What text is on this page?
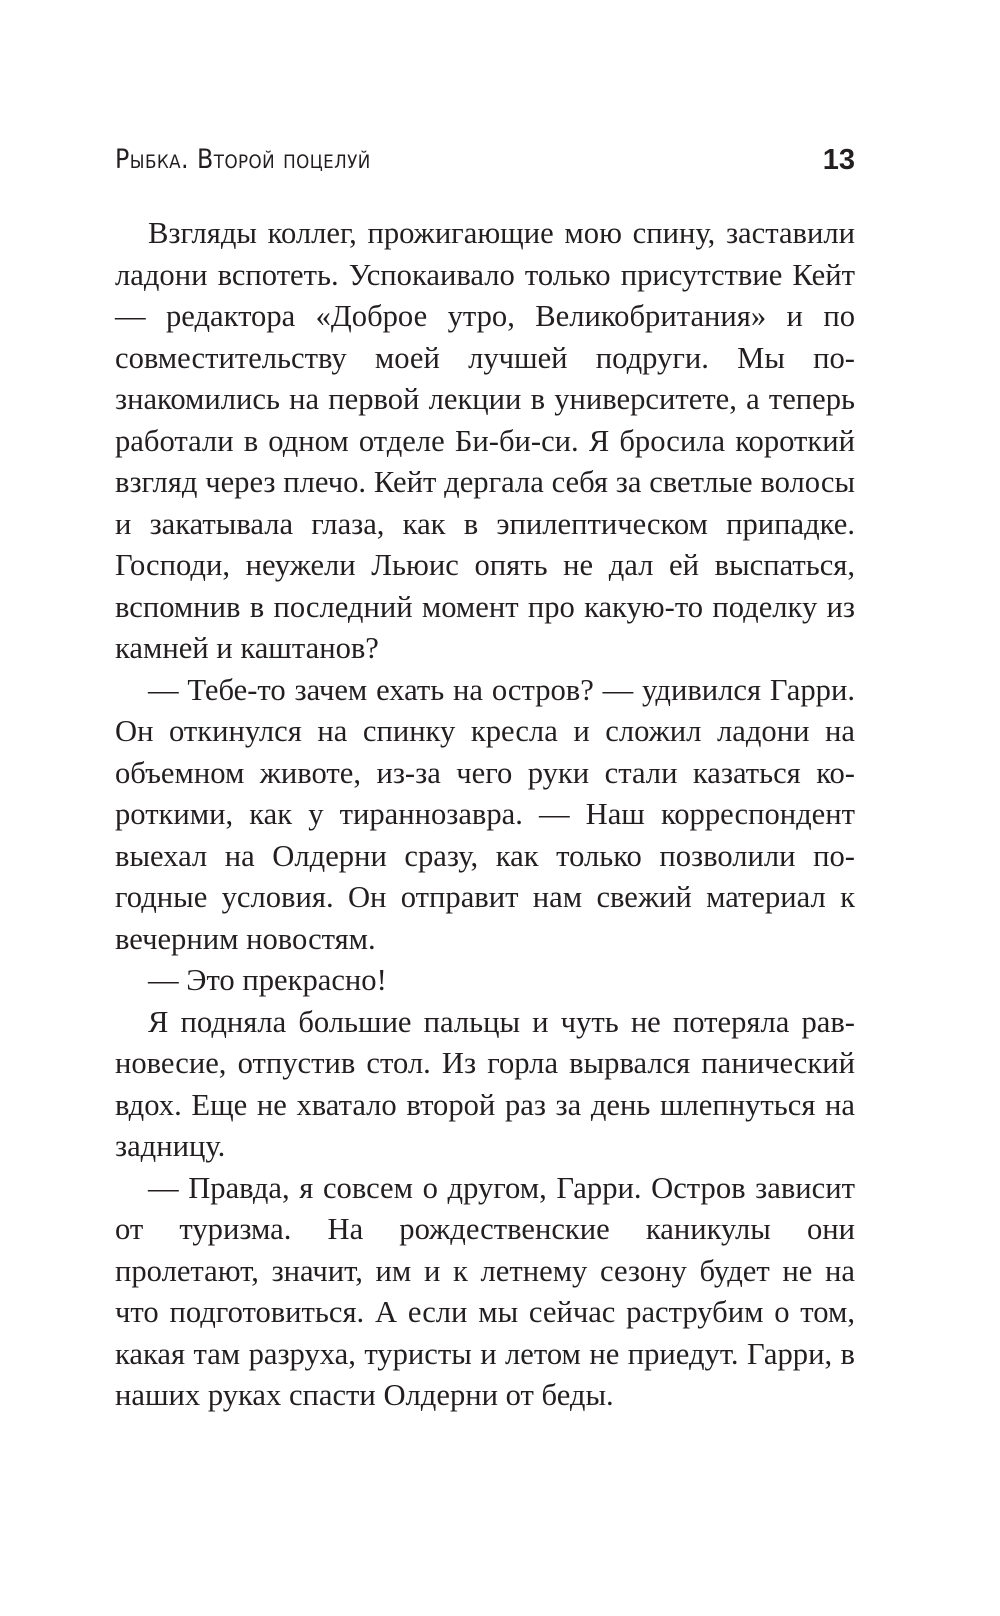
Рыбка. Второй поцелуй	13

Взгляды коллег, прожигающие мою спину, заставили ладони вспотеть. Успокаивало только присутствие Кейт — редактора «Доброе утро, Великобритания» и по совместительству моей лучшей подруги. Мы познакомились на первой лекции в университете, а теперь работали в одном отделе Би-би-си. Я бросила короткий взгляд через плечо. Кейт дергала себя за светлые волосы и закатывала глаза, как в эпилептическом припадке. Господи, неужели Льюис опять не дал ей выспаться, вспомнив в последний момент про какую-то поделку из камней и каштанов?

— Тебе-то зачем ехать на остров? — удивился Гарри. Он откинулся на спинку кресла и сложил ладони на объемном животе, из-за чего руки стали казаться короткими, как у тираннозавра. — Наш корреспондент выехал на Олдерни сразу, как только позволили погодные условия. Он отправит нам свежий материал к вечерним новостям.

— Это прекрасно!

Я подняла большие пальцы и чуть не потеряла равновесие, отпустив стол. Из горла вырвался панический вдох. Еще не хватало второй раз за день шлепнуться на задницу.

— Правда, я совсем о другом, Гарри. Остров зависит от туризма. На рождественские каникулы они пролетают, значит, им и к летнему сезону будет не на что подготовиться. А если мы сейчас раструбим о том, какая там разруха, туристы и летом не приедут. Гарри, в наших руках спасти Олдерни от беды.
